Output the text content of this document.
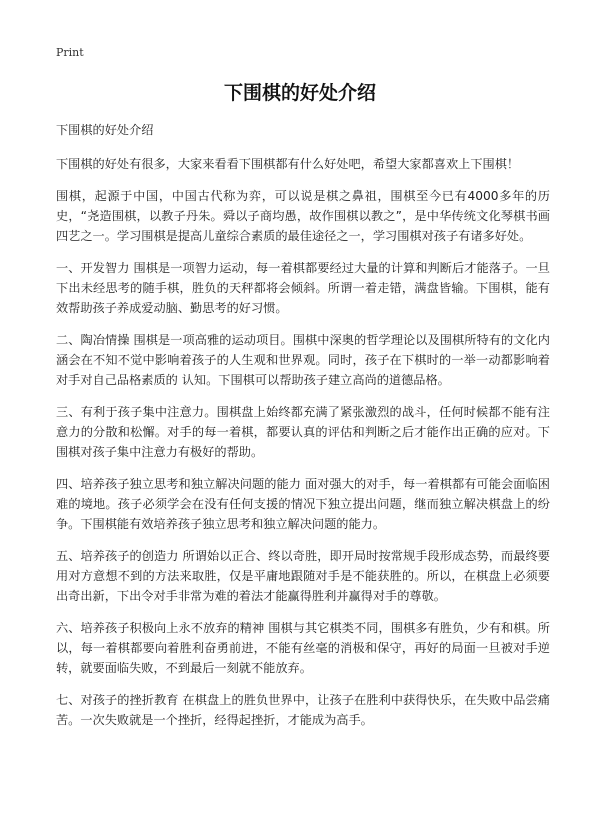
Print
下围棋的好处介绍

下围棋的好处介绍

下围棋的好处有很多，大家来看看下围棋都有什么好处吧，希望大家都喜欢上下围棋！

围棋，起源于中国，中国古代称为弈，可以说是棋之鼻祖，围棋至今已有4000多年的历史，“尧造围棋，以教子丹朱。舜以子商均愚，故作围棋以教之”，是中华传统文化琴棋书画四艺之一。学习围棋是提高儿童综合素质的最佳途径之一，学习围棋对孩子有诸多好处。

一、开发智力 围棋是一项智力运动，每一着棋都要经过大量的计算和判断后才能落子。一旦下出未经思考的随手棋，胜负的天秤都将会倾斜。所谓一着走错，满盘皆输。下围棋，能有效帮助孩子养成爱动脑、勤思考的好习惯。

二、陶冶情操 围棋是一项高雅的运动项目。围棋中深奥的哲学理论以及围棋所特有的文化内涵会在不知不觉中影响着孩子的人生观和世界观。同时，孩子在下棋时的一举一动都影响着对手对自己品格素质的 认知。下围棋可以帮助孩子建立高尚的道德品格。

三、有利于孩子集中注意力。围棋盘上始终都充满了紧张激烈的战斗，任何时候都不能有注意力的分散和松懈。对手的每一着棋，都要认真的评估和判断之后才能作出正确的应对。下围棋对孩子集中注意力有极好的帮助。

四、培养孩子独立思考和独立解决问题的能力 面对强大的对手，每一着棋都有可能会面临困难的境地。孩子必须学会在没有任何支援的情况下独立提出问题，继而独立解决棋盘上的纷争。下围棋能有效培养孩子独立思考和独立解决问题的能力。

五、培养孩子的创造力 所谓始以正合、终以奇胜，即开局时按常规手段形成态势，而最终要用对方意想不到的方法来取胜，仅是平庸地跟随对手是不能获胜的。所以，在棋盘上必须要出奇出新，下出令对手非常为难的着法才能赢得胜利并赢得对手的尊敬。

六、培养孩子积极向上永不放弃的精神 围棋与其它棋类不同，围棋多有胜负，少有和棋。所以，每一着棋都要向着胜利奋勇前进，不能有丝毫的消极和保守，再好的局面一旦被对手逆转，就要面临失败，不到最后一刻就不能放弃。

七、对孩子的挫折教育 在棋盘上的胜负世界中，让孩子在胜利中获得快乐，在失败中品尝痛苦。一次失败就是一个挫折，经得起挫折，才能成为高手。
